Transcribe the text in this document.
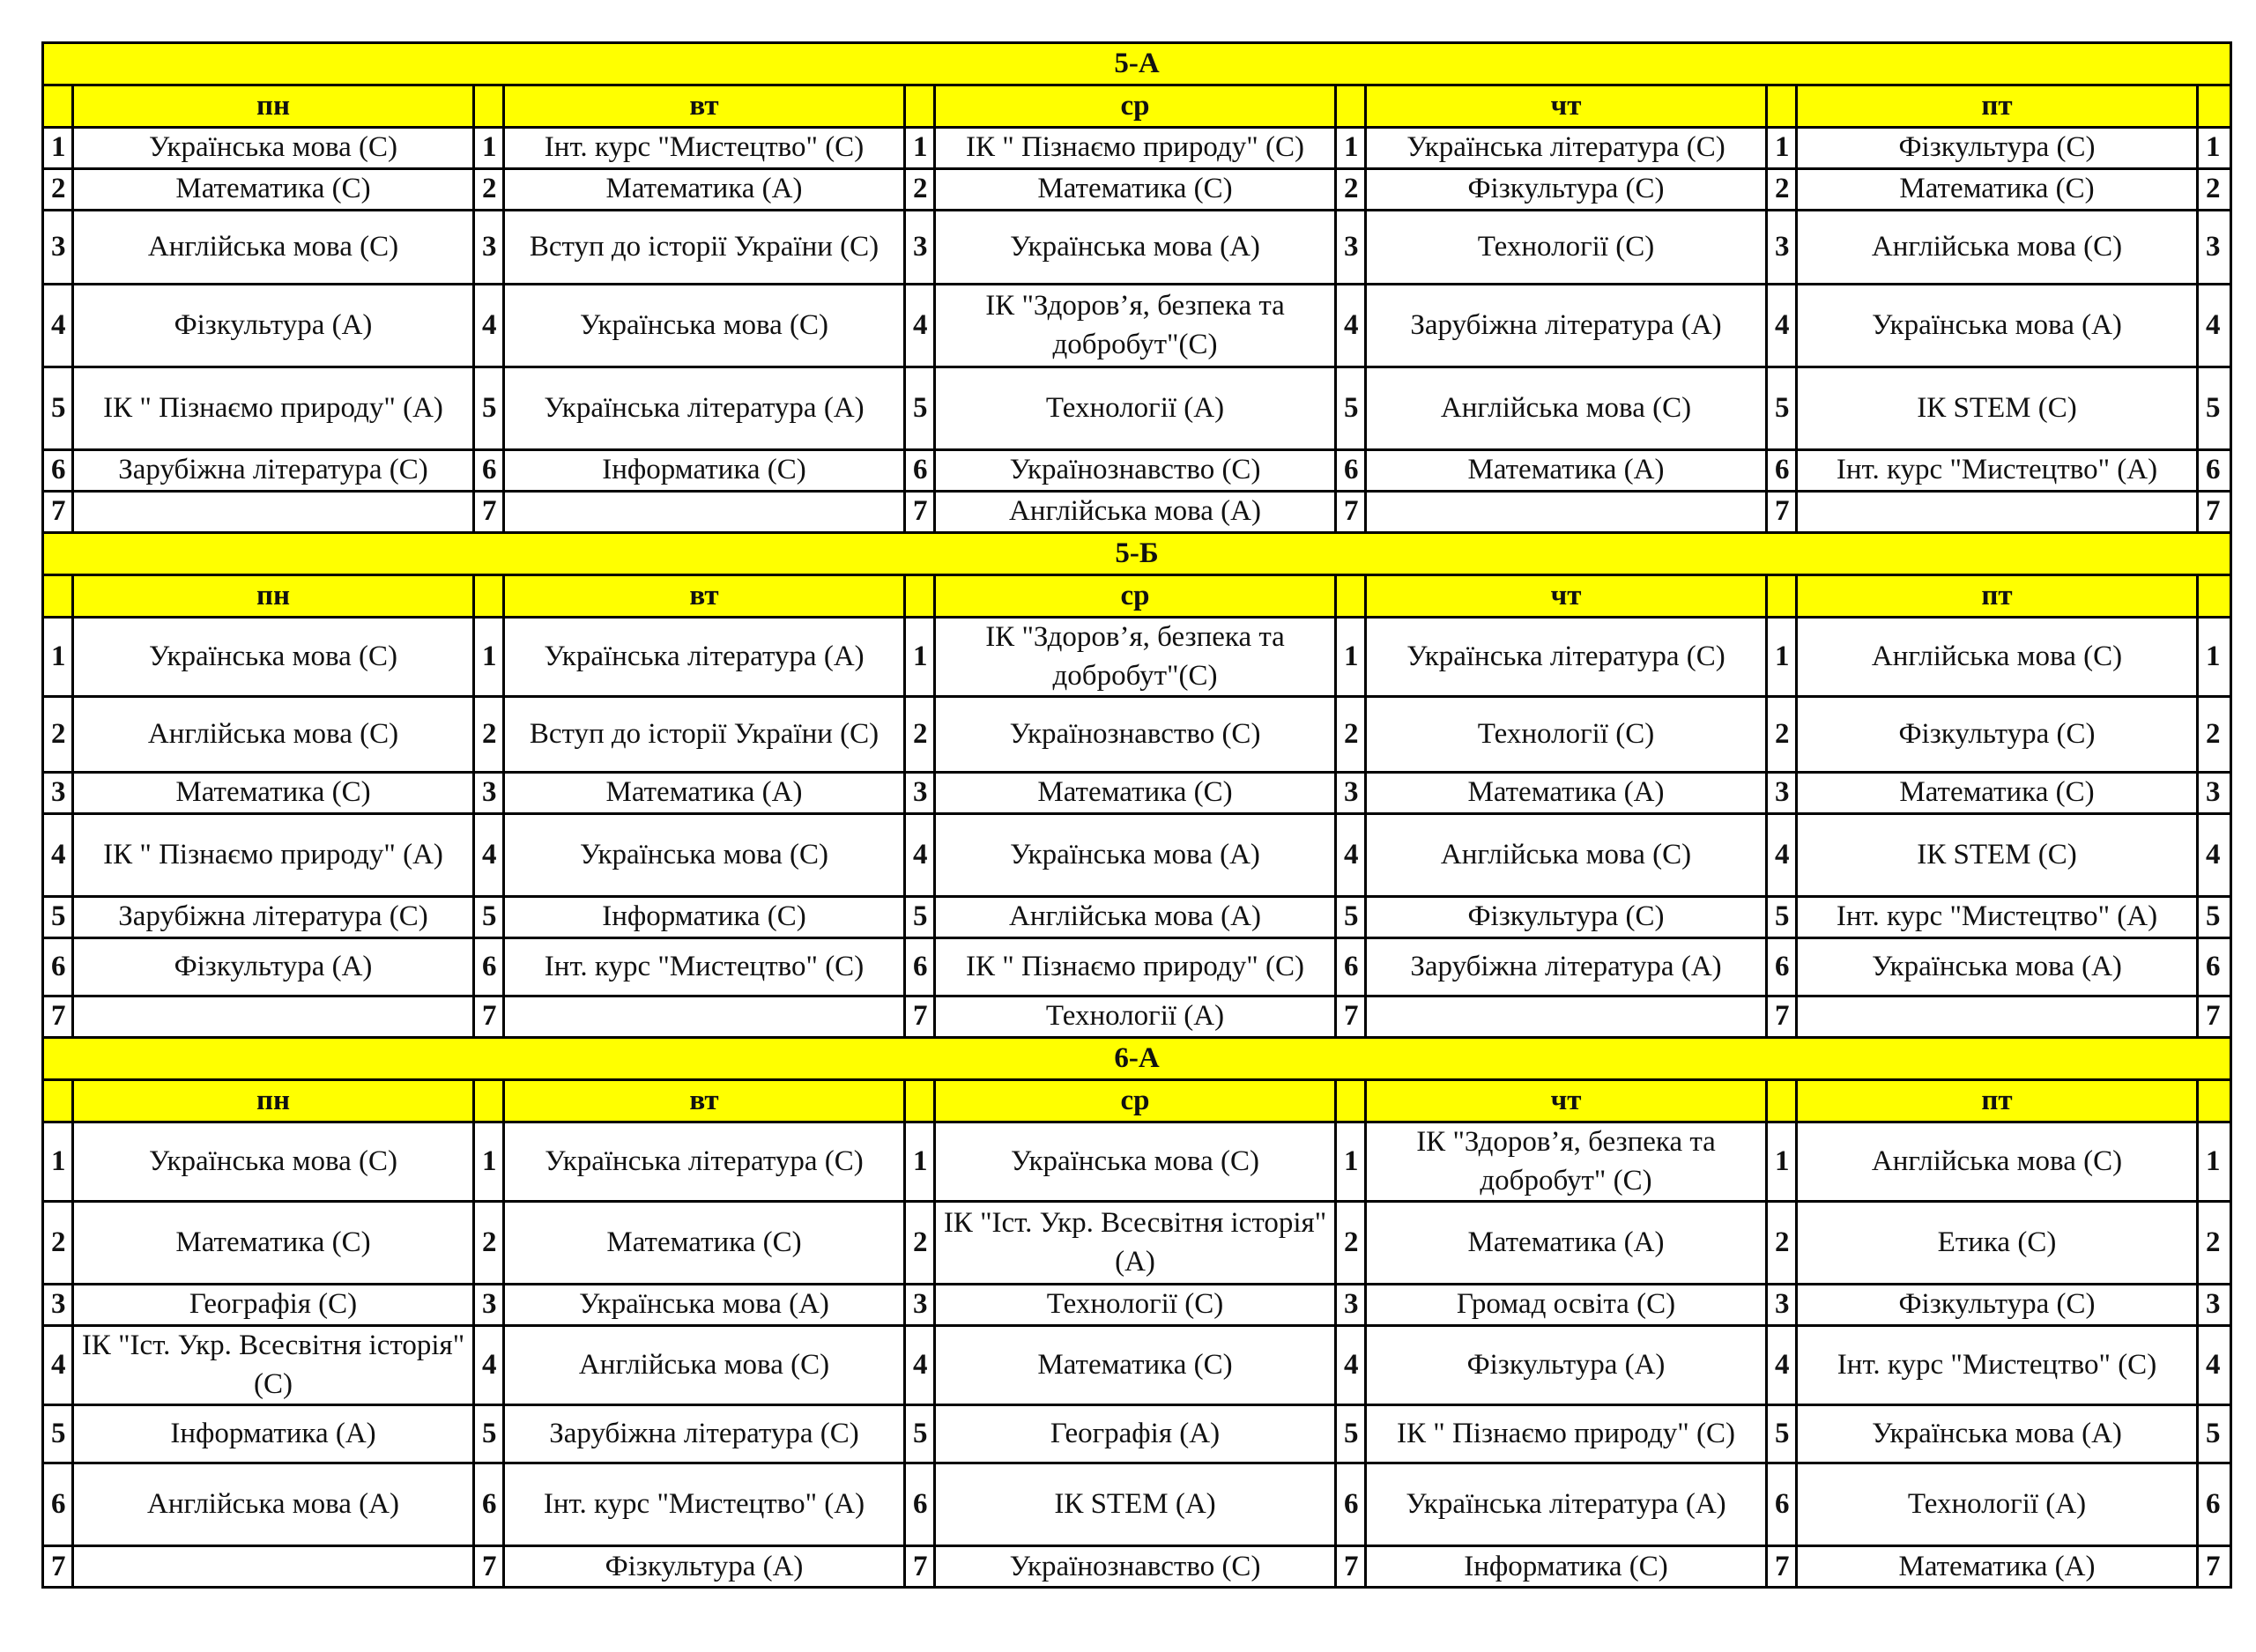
5-А										
	пн		вт		ср		чт		пт	
1	Українська мова (С)	1	Інт. курс "Мистецтво" (С)	1	ІК " Пізнаємо природу" (С)	1	Українська література (С)	1	Фізкультура (С)	1
2	Математика (С)	2	Математика (А)	2	Математика (С)	2	Фізкультура (С)	2	Математика (С)	2
3	Англійська мова (С)	3	Вступ до історії України (С)	3	Українська мова (А)	3	Технології (С)	3	Англійська мова (С)	3
4	Фізкультура (А)	4	Українська мова (С)	4	ІК "Здоров’я, безпека та добробут"(С)	4	Зарубіжна література (А)	4	Українська мова (А)	4
5	ІК " Пізнаємо природу" (А)	5	Українська література (А)	5	Технології (А)	5	Англійська мова (С)	5	ІК STEM (С)	5
6	Зарубіжна література (С)	6	Інформатика (С)	6	Українознавство (С)	6	Математика (А)	6	Інт. курс "Мистецтво" (А)	6
7		7		7	Англійська мова (А)	7		7		7
5-Б										
	пн		вт		ср		чт		пт	
1	Українська мова (С)	1	Українська література (А)	1	ІК "Здоров’я, безпека та добробут"(С)	1	Українська література (С)	1	Англійська мова (С)	1
2	Англійська мова (С)	2	Вступ до історії України (С)	2	Українознавство (С)	2	Технології (С)	2	Фізкультура (С)	2
3	Математика (С)	3	Математика (А)	3	Математика (С)	3	Математика (А)	3	Математика (С)	3
4	ІК " Пізнаємо природу" (А)	4	Українська мова (С)	4	Українська мова (А)	4	Англійська мова (С)	4	ІК STEM (С)	4
5	Зарубіжна література (С)	5	Інформатика (С)	5	Англійська мова (А)	5	Фізкультура (С)	5	Інт. курс "Мистецтво" (А)	5
6	Фізкультура (А)	6	Інт. курс "Мистецтво" (С)	6	ІК " Пізнаємо природу" (С)	6	Зарубіжна література (А)	6	Українська мова (А)	6
7		7		7	Технології (А)	7		7		7
6-А										
	пн		вт		ср		чт		пт	
1	Українська мова (С)	1	Українська література (С)	1	Українська мова (С)	1	ІК "Здоров’я, безпека та добробут" (С)	1	Англійська мова (С)	1
2	Математика (С)	2	Математика (С)	2	ІК "Іст. Укр. Всесвітня історія" (А)	2	Математика (А)	2	Етика (С)	2
3	Географія (С)	3	Українська мова (А)	3	Технології (С)	3	Громад освіта (С)	3	Фізкультура (С)	3
4	ІК "Іст. Укр. Всесвітня історія" (С)	4	Англійська мова (С)	4	Математика (С)	4	Фізкультура (А)	4	Інт. курс "Мистецтво" (С)	4
5	Інформатика (А)	5	Зарубіжна література (С)	5	Географія (А)	5	ІК " Пізнаємо природу" (С)	5	Українська мова (А)	5
6	Англійська мова (А)	6	Інт. курс "Мистецтво" (А)	6	ІК STEM (А)	6	Українська література (А)	6	Технології (А)	6
7		7	Фізкультура (А)	7	Українознавство (С)	7	Інформатика (С)	7	Математика (А)	7
